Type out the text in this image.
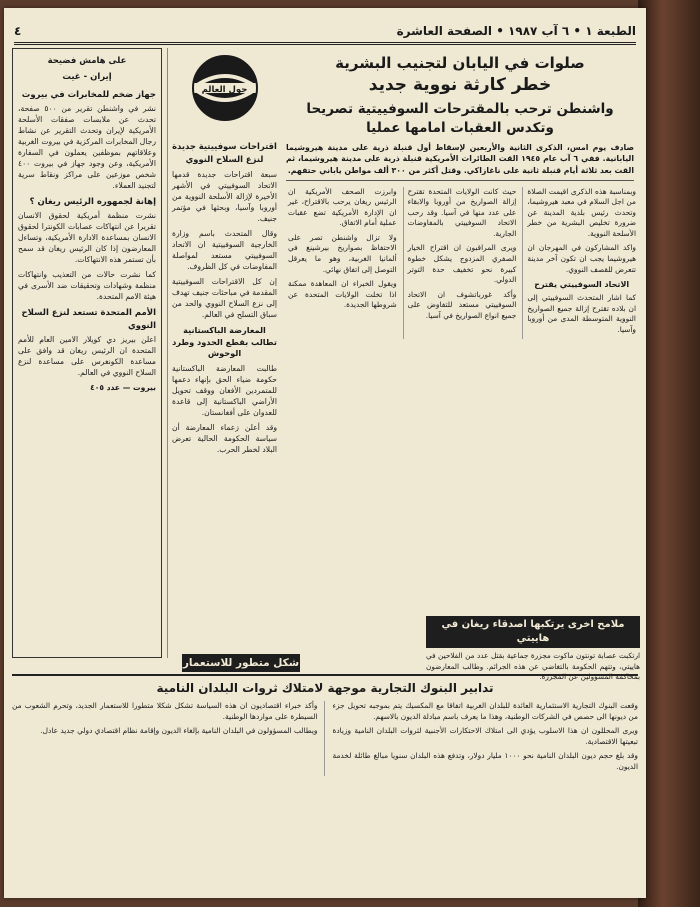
الطبعة ١ • ٦ آب ١٩٨٧ • الصفحة العاشرة
٤
على هامش فضيحة
إيران - غيت
جهاز ضخم للمخابرات في بيروت

نشر في واشنطن تقرير من ٥٠٠ صفحة، تحدث عن ملابسات صفقات الأسلحة الأمريكية لإيران وتحدث التقرير عن نشاط رجال المخابرات المركزية في بيروت الغربية وعلاقاتهم بموظفين يعملون في السفارة الأمريكية، وعن وجود جهاز في بيروت ٤٠٠ شخص موزعين على مراكز ونقاط سرية لتجنيد العملاء.

إهانة لجمهوره الرئيس ريغان ؟

نشرت منظمة أمريكية لحقوق الانسان تقريرا عن انتهاكات عصابات الكونترا لحقوق الانسان بمساعدة الادارة الأمريكية، وتساءل المعارضون إذا كان الرئيس ريغان قد سمح بأن تستمر هذه الانتهاكات.

كما نشرت حالات من التعذيب وانتهاكات منظمة وشهادات وتحقيقات ضد الأسرى في هيئة الامم المتحدة.

الأمم المتحدة تستعد لنزع السلاح النووي

اعلن بيريز دي كويلار الامين العام للأمم المتحدة ان الرئيس ريغان قد وافق على مساعدة الكونغرس على مساعدة لنزع السلاح النووي في العالم.

بيروت — عدد ٤٠٥
حول العالم
اقتراحات سوفييتية جديدة لنزع السلاح النووي

سبعة اقتراحات جديدة قدمها الاتحاد السوفييتي في الأشهر الأخيرة لإزالة الأسلحة النووية من أوروبا وآسيا، وبحثها في مؤتمر جنيف.

وقال المتحدث باسم وزارة الخارجية السوفييتية ان الاتحاد السوفييتي مستعد لمواصلة المفاوضات في كل الظروف.

إن كل الاقتراحات السوفييتية المقدمة في مباحثات جنيف تهدف إلى نزع السلاح النووي والحد من سباق التسلح في العالم.

المعارضة الباكستانية تطالب بقطع الحدود وطرد الوحوش

طالبت المعارضة الباكستانية حكومة ضياء الحق بإنهاء دعمها للمتمردين الأفغان ووقف تحويل الأراضي الباكستانية إلى قاعدة للعدوان على أفغانستان.

وقد أعلن زعماء المعارضة أن سياسة الحكومة الحالية تعرض البلاد لخطر الحرب.

صلوات في اليابان لتجنيب البشرية
خطر كارثة نووية جديد
واشنطن ترحب بالمقترحات السوفييتية تصريحا
وتكدس العقبات امامها عمليا
صادف يوم امس، الذكرى الثانية والأربعين لإسقاط أول قنبلة ذرية على مدينة هيروشيما اليابانية. ففي ٦ آب عام ١٩٤٥ القت الطائرات الأمريكية قنبلة ذرية على مدينة هيروشيما، ثم القت بعد ثلاثة أيام قنبلة ثانية على ناغازاكي. وقتل أكثر من ٣٠٠ ألف مواطن ياباني حتفهم.

وبمناسبة هذه الذكرى اقيمت الصلاة من اجل السلام في معبد هيروشيما، وتحدث رئيس بلدية المدينة عن ضرورة تخليص البشرية من خطر الأسلحة النووية.

واكد المشاركون في المهرجان ان هيروشيما يجب ان تكون آخر مدينة تتعرض للقصف النووي.

الاتحاد السوفييتي يقترح

كما اشار المتحدث السوفييتي إلى ان بلاده تقترح إزالة جميع الصواريخ النووية المتوسطة المدى من أوروبا وآسيا.

حيث كانت الولايات المتحدة تقترح إزالة الصواريخ من أوروبا والابقاء على عدد منها في آسيا. وقد رحب الاتحاد السوفييتي بالمفاوضات الجارية.

ويرى المراقبون ان اقتراح الخيار الصفري المزدوج يشكل خطوة كبيرة نحو تخفيف حدة التوتر الدولي.

وأكد غورباتشوف ان الاتحاد السوفييتي مستعد للتفاوض على جميع انواع الصواريخ في آسيا.

وابرزت الصحف الأمريكية ان الرئيس ريغان يرحب بالاقتراح، غير ان الإدارة الأمريكية تضع عقبات عملية أمام الاتفاق.

ولا تزال واشنطن تصر على الاحتفاظ بصواريخ بيرشينغ في ألمانيا الغربية، وهو ما يعرقل التوصل إلى اتفاق نهائي.

ويقول الخبراء ان المعاهدة ممكنة اذا تخلت الولايات المتحدة عن شروطها الجديدة.

ملامح اخرى يرتكبها اصدقاء ريغان في هاييتي
ارتكبت عصابة تونتون ماكوت مجزرة جماعية بقتل عدد من الفلاحين في هاييتي، وتتهم الحكومة بالتغاضي عن هذه الجرائم. وطالب المعارضون بمحاكمة المسؤولين عن المجزرة.
شكل متطور للاستعمار
تدابير البنوك التجارية موجهة لامتلاك ثروات البلدان النامية

وقعت البنوك التجارية الاستثمارية العائدة للبلدان الغربية اتفاقا مع المكسيك يتم بموجبه تحويل جزء من ديونها الى حصص في الشركات الوطنية، وهذا ما يعرف باسم مبادلة الديون بالاسهم.

ويرى المحللون ان هذا الاسلوب يؤدي الى امتلاك الاحتكارات الأجنبية لثروات البلدان النامية وزيادة تبعيتها الاقتصادية.

وقد بلغ حجم ديون البلدان النامية نحو ١٠٠٠ مليار دولار، وتدفع هذه البلدان سنويا مبالغ طائلة لخدمة الديون.

وأكد خبراء اقتصاديون ان هذه السياسة تشكل شكلا متطورا للاستعمار الجديد، وتحرم الشعوب من السيطرة على مواردها الوطنية.

ويطالب المسؤولون في البلدان النامية بإلغاء الديون وإقامة نظام اقتصادي دولي جديد عادل.
